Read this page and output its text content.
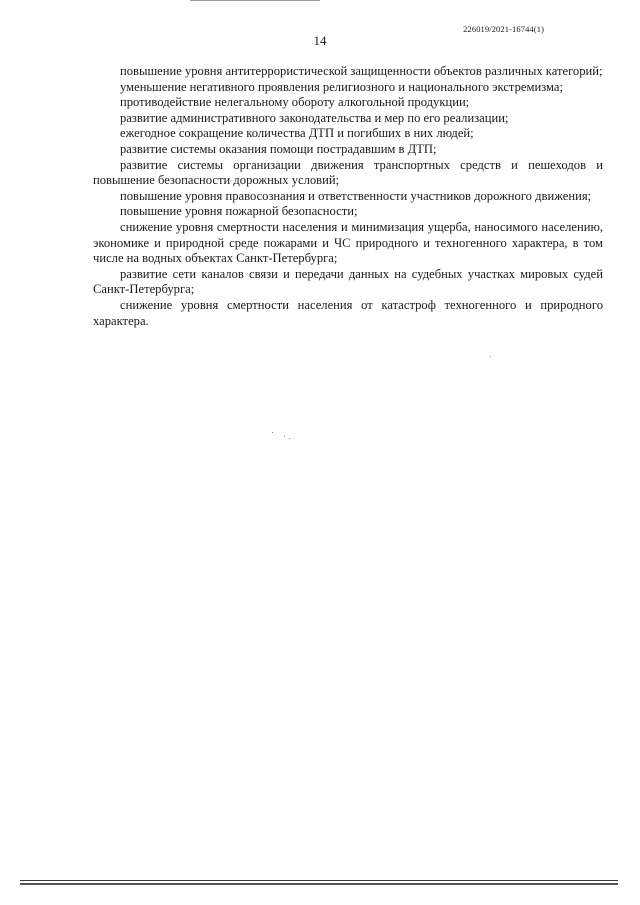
226019/2021-16744(1)
14

повышение уровня антитеррористической защищенности объектов различных категорий;

уменьшение негативного проявления религиозного и национального экстремизма;

противодействие нелегальному обороту алкогольной продукции;

развитие административного законодательства и мер по его реализации;

ежегодное сокращение количества ДТП и погибших в них людей;

развитие системы оказания помощи пострадавшим в ДТП;

развитие системы организации движения транспортных средств и пешеходов и повышение безопасности дорожных условий;

повышение уровня правосознания и ответственности участников дорожного движения;

повышение уровня пожарной безопасности;

снижение уровня смертности населения и минимизация ущерба, наносимого населению, экономике и природной среде пожарами и ЧС природного и техногенного характера, в том числе на водных объектах Санкт-Петербурга;

развитие сети каналов связи и передачи данных на судебных участках мировых судей Санкт-Петербурга;

снижение уровня смертности населения от катастроф техногенного и природного характера.
